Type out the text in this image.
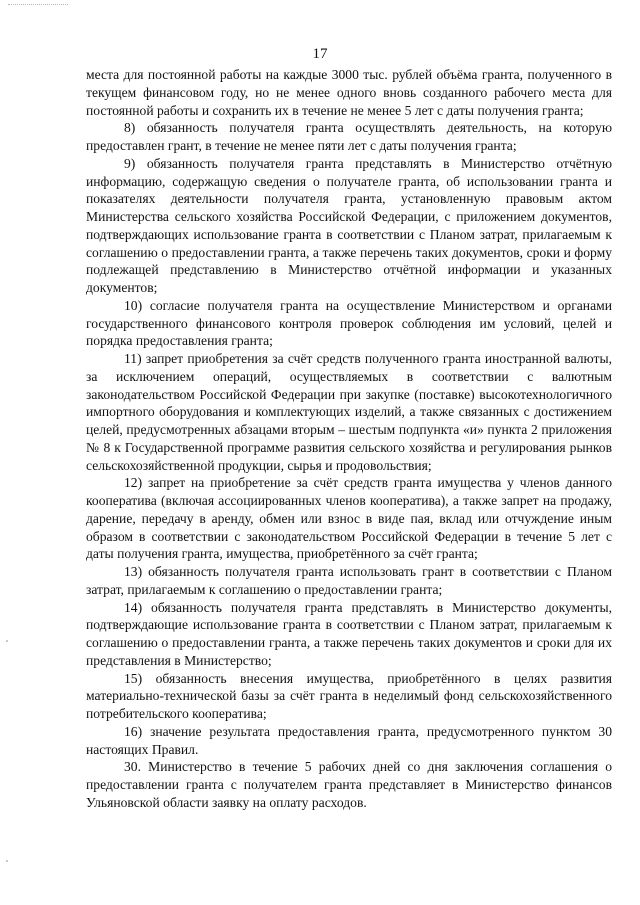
17

места для постоянной работы на каждые 3000 тыс. рублей объёма гранта, полученного в текущем финансовом году, но не менее одного вновь созданного рабочего места для постоянной работы и сохранить их в течение не менее 5 лет с даты получения гранта;

8) обязанность получателя гранта осуществлять деятельность, на которую предоставлен грант, в течение не менее пяти лет с даты получения гранта;

9) обязанность получателя гранта представлять в Министерство отчётную информацию, содержащую сведения о получателе гранта, об использовании гранта и показателях деятельности получателя гранта, установленную правовым актом Министерства сельского хозяйства Российской Федерации, с приложением документов, подтверждающих использование гранта в соответствии с Планом затрат, прилагаемым к соглашению о предоставлении гранта, а также перечень таких документов, сроки и форму подлежащей представлению в Министерство отчётной информации и указанных документов;

10) согласие получателя гранта на осуществление Министерством и органами государственного финансового контроля проверок соблюдения им условий, целей и порядка предоставления гранта;

11) запрет приобретения за счёт средств полученного гранта иностранной валюты, за исключением операций, осуществляемых в соответствии с валютным законодательством Российской Федерации при закупке (поставке) высокотехнологичного импортного оборудования и комплектующих изделий, а также связанных с достижением целей, предусмотренных абзацами вторым – шестым подпункта «и» пункта 2 приложения № 8 к Государственной программе развития сельского хозяйства и регулирования рынков сельскохозяйственной продукции, сырья и продовольствия;

12) запрет на приобретение за счёт средств гранта имущества у членов данного кооператива (включая ассоциированных членов кооператива), а также запрет на продажу, дарение, передачу в аренду, обмен или взнос в виде пая, вклад или отчуждение иным образом в соответствии с законодательством Российской Федерации в течение 5 лет с даты получения гранта, имущества, приобретённого за счёт гранта;

13) обязанность получателя гранта использовать грант в соответствии с Планом затрат, прилагаемым к соглашению о предоставлении гранта;

14) обязанность получателя гранта представлять в Министерство документы, подтверждающие использование гранта в соответствии с Планом затрат, прилагаемым к соглашению о предоставлении гранта, а также перечень таких документов и сроки для их представления в Министерство;

15) обязанность внесения имущества, приобретённого в целях развития материально-технической базы за счёт гранта в неделимый фонд сельскохозяйственного потребительского кооператива;

16) значение результата предоставления гранта, предусмотренного пунктом 30 настоящих Правил.

30. Министерство в течение 5 рабочих дней со дня заключения соглашения о предоставлении гранта с получателем гранта представляет в Министерство финансов Ульяновской области заявку на оплату расходов.
